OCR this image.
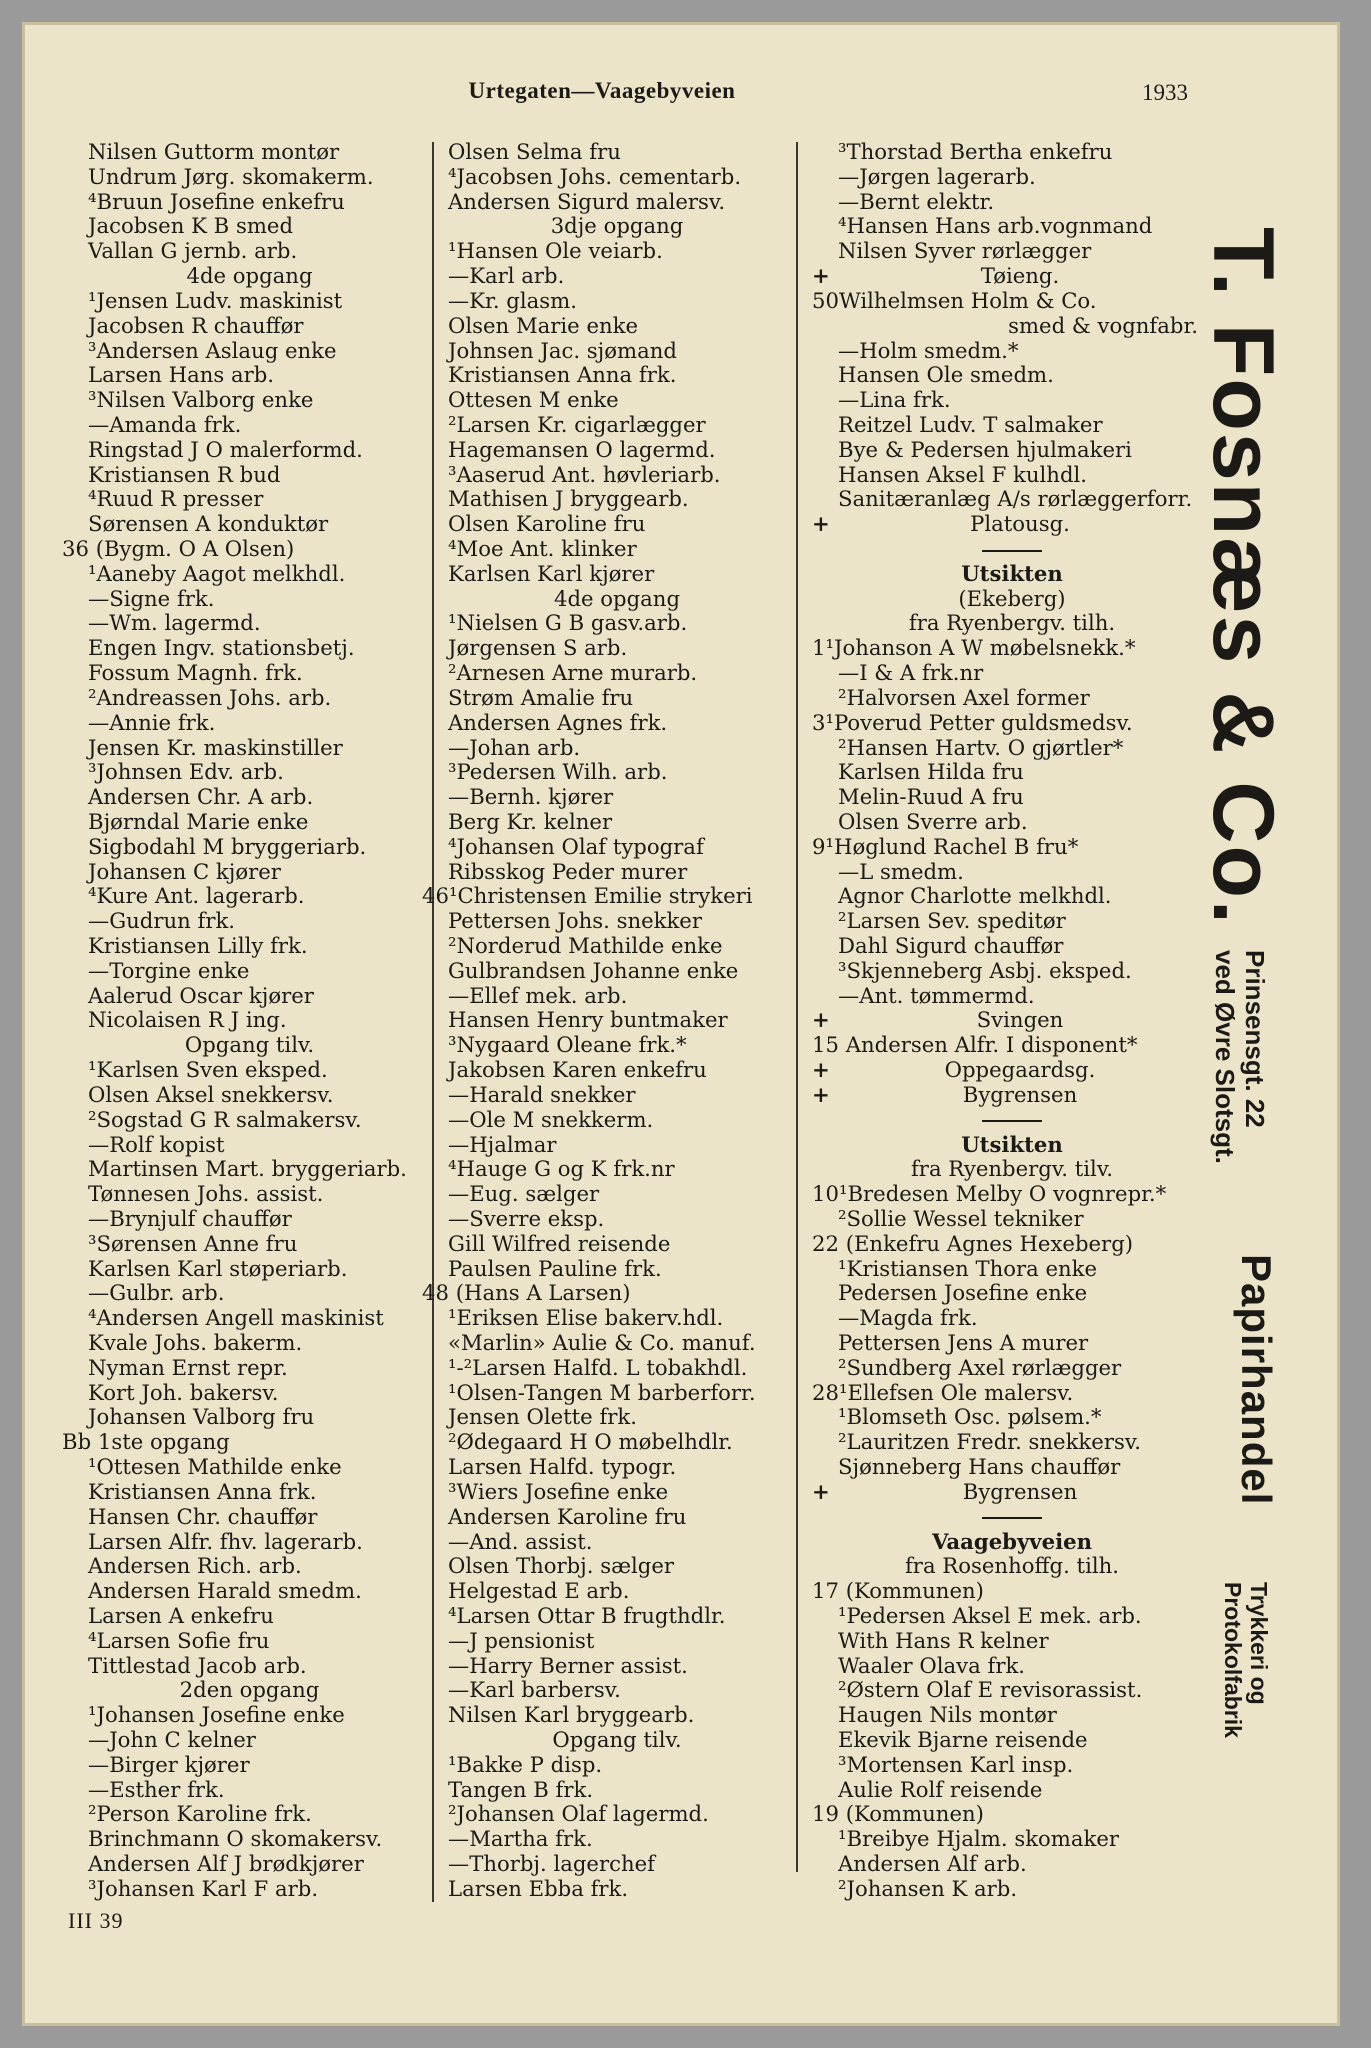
Urtegaten—Vaagebyveien	1933
Nilsen Guttorm montør
Undrum Jørg. skomakerm.
⁴Bruun Josefine enkefru
Jacobsen K B smed
Vallan G jernb. arb.
4de opgang
¹Jensen Ludv. maskinist
Jacobsen R chauffør
³Andersen Aslaug enke
Larsen Hans arb.
³Nilsen Valborg enke
—Amanda frk.
Ringstad J O malerformd.
Kristiansen R bud
⁴Ruud R presser
Sørensen A konduktør
36 (Bygm. O A Olsen)
¹Aaneby Aagot melkhdl.
—Signe frk.
—Wm. lagermd.
Engen Ingv. stationsbetj.
Fossum Magnh. frk.
²Andreassen Johs. arb.
—Annie frk.
Jensen Kr. maskinstiller
³Johnsen Edv. arb.
Andersen Chr. A arb.
Bjørndal Marie enke
Sigbodahl M bryggeriarb.
Johansen C kjører
⁴Kure Ant. lagerarb.
—Gudrun frk.
Kristiansen Lilly frk.
—Torgine enke
Aalerud Oscar kjører
Nicolaisen R J ing.
Opgang tilv.
¹Karlsen Sven eksped.
Olsen Aksel snekkersv.
²Sogstad G R salmakersv.
—Rolf kopist
Martinsen Mart. bryggeriarb.
Tønnesen Johs. assist.
—Brynjulf chauffør
³Sørensen Anne fru
Karlsen Karl støperiarb.
—Gulbr. arb.
⁴Andersen Angell maskinist
Kvale Johs. bakerm.
Nyman Ernst repr.
Kort Joh. bakersv.
Johansen Valborg fru
Bb 1ste opgang
¹Ottesen Mathilde enke
Kristiansen Anna frk.
Hansen Chr. chauffør
Larsen Alfr. fhv. lagerarb.
Andersen Rich. arb.
Andersen Harald smedm.
Larsen A enkefru
⁴Larsen Sofie fru
Tittlestad Jacob arb.
2den opgang
¹Johansen Josefine enke
—John C kelner
—Birger kjører
—Esther frk.
²Person Karoline frk.
Brinchmann O skomakersv.
Andersen Alf J brødkjører
³Johansen Karl F arb.
Olsen Selma fru
⁴Jacobsen Johs. cementarb.
Andersen Sigurd malersv.
3dje opgang
¹Hansen Ole veiarb.
—Karl arb.
—Kr. glasm.
Olsen Marie enke
Johnsen Jac. sjømand
Kristiansen Anna frk.
Ottesen M enke
²Larsen Kr. cigarlægger
Hagemansen O lagermd.
³Aaserud Ant. høvleriarb.
Mathisen J bryggearb.
Olsen Karoline fru
⁴Moe Ant. klinker
Karlsen Karl kjører
4de opgang
¹Nielsen G B gasv.arb.
Jørgensen S arb.
²Arnesen Arne murarb.
Strøm Amalie fru
Andersen Agnes frk.
—Johan arb.
³Pedersen Wilh. arb.
—Bernh. kjører
Berg Kr. kelner
⁴Johansen Olaf typograf
Ribsskog Peder murer
46¹Christensen Emilie strykeri
Pettersen Johs. snekker
²Norderud Mathilde enke
Gulbrandsen Johanne enke
—Ellef mek. arb.
Hansen Henry buntmaker
³Nygaard Oleane frk.*
Jakobsen Karen enkefru
—Harald snekker
—Ole M snekkerm.
—Hjalmar
⁴Hauge G og K frk.nr
—Eug. sælger
—Sverre eksp.
Gill Wilfred reisende
Paulsen Pauline frk.
48 (Hans A Larsen)
¹Eriksen Elise bakerv.hdl.
«Marlin» Aulie & Co. manuf.
¹‑²Larsen Halfd. L tobakhdl.
¹Olsen-Tangen M barberforr.
Jensen Olette frk.
²Ødegaard H O møbelhdlr.
Larsen Halfd. typogr.
³Wiers Josefine enke
Andersen Karoline fru
—And. assist.
Olsen Thorbj. sælger
Helgestad E arb.
⁴Larsen Ottar B frugthdlr.
—J pensionist
—Harry Berner assist.
—Karl barbersv.
Nilsen Karl bryggearb.
Opgang tilv.
¹Bakke P disp.
Tangen B frk.
²Johansen Olaf lagermd.
—Martha frk.
—Thorbj. lagerchef
Larsen Ebba frk.
³Thorstad Bertha enkefru
—Jørgen lagerarb.
—Bernt elektr.
⁴Hansen Hans arb.vognmand
Nilsen Syver rørlægger
+	Tøieng.
50Wilhelmsen Holm & Co.
smed & vognfabr.
—Holm smedm.*
Hansen Ole smedm.
—Lina frk.
Reitzel Ludv. T salmaker
Bye & Pedersen hjulmakeri
Hansen Aksel F kulhdl.
Sanitæranlæg A/s rørlæggerforr.
+	Platousg.
Utsikten
(Ekeberg)
fra Ryenbergv. tilh.
1¹Johanson A W møbelsnekk.*
—I & A frk.nr
²Halvorsen Axel former
3¹Poverud Petter guldsmedsv.
²Hansen Hartv. O gjørtler*
Karlsen Hilda fru
Melin-Ruud A fru
Olsen Sverre arb.
9¹Høglund Rachel B fru*
—L smedm.
Agnor Charlotte melkhdl.
²Larsen Sev. speditør
Dahl Sigurd chauffør
³Skjenneberg Asbj. eksped.
—Ant. tømmermd.
+	Svingen
15 Andersen Alfr. I disponent*
+	Oppegaardsg.
+	Bygrensen
Utsikten
fra Ryenbergv. tilv.
10¹Bredesen Melby O vognrepr.*
²Sollie Wessel tekniker
22 (Enkefru Agnes Hexeberg)
¹Kristiansen Thora enke
Pedersen Josefine enke
—Magda frk.
Pettersen Jens A murer
²Sundberg Axel rørlægger
28¹Ellefsen Ole malersv.
¹Blomseth Osc. pølsem.*
²Lauritzen Fredr. snekkersv.
Sjønneberg Hans chauffør
+	Bygrensen
Vaagebyveien
fra Rosenhoffg. tilh.
17 (Kommunen)
¹Pedersen Aksel E mek. arb.
With Hans R kelner
Waaler Olava frk.
²Østern Olaf E revisorassist.
Haugen Nils montør
Ekevik Bjarne reisende
³Mortensen Karl insp.
Aulie Rolf reisende
19 (Kommunen)
¹Breibye Hjalm. skomaker
Andersen Alf arb.
²Johansen K arb.
III 39
T. Fosnæs & Co.
Prinsensgt. 22
ved Øvre Slotsgt.
Papirhandel
Trykkeri og
Protokolfabrik
